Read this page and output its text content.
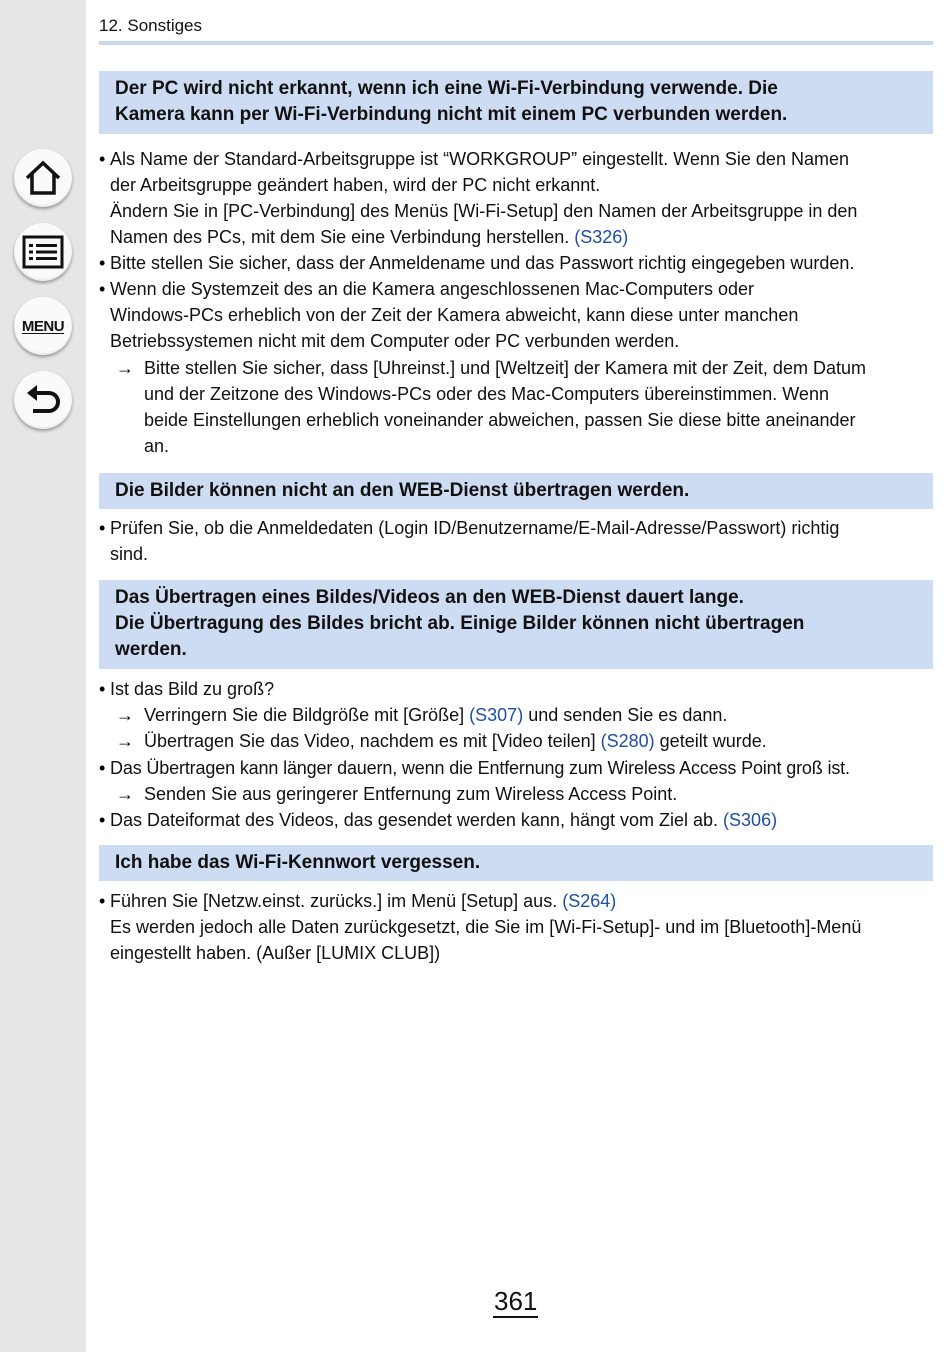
MENU
12. Sonstiges
Der PC wird nicht erkannt, wenn ich eine Wi-Fi-Verbindung verwende. Die
Kamera kann per Wi-Fi-Verbindung nicht mit einem PC verbunden werden.
• Als Name der Standard-Arbeitsgruppe ist “WORKGROUP” eingestellt. Wenn Sie den Namen
der Arbeitsgruppe geändert haben, wird der PC nicht erkannt.
Ändern Sie in [PC-Verbindung] des Menüs [Wi-Fi-Setup] den Namen der Arbeitsgruppe in den
Namen des PCs, mit dem Sie eine Verbindung herstellen. (S326)
• Bitte stellen Sie sicher, dass der Anmeldename und das Passwort richtig eingegeben wurden.
• Wenn die Systemzeit des an die Kamera angeschlossenen Mac-Computers oder
Windows-PCs erheblich von der Zeit der Kamera abweicht, kann diese unter manchen
Betriebssystemen nicht mit dem Computer oder PC verbunden werden.
→ Bitte stellen Sie sicher, dass [Uhreinst.] und [Weltzeit] der Kamera mit der Zeit, dem Datum
und der Zeitzone des Windows-PCs oder des Mac-Computers übereinstimmen. Wenn
beide Einstellungen erheblich voneinander abweichen, passen Sie diese bitte aneinander
an.
Die Bilder können nicht an den WEB-Dienst übertragen werden.
• Prüfen Sie, ob die Anmeldedaten (Login ID/Benutzername/E-Mail-Adresse/Passwort) richtig
sind.
Das Übertragen eines Bildes/Videos an den WEB-Dienst dauert lange.
Die Übertragung des Bildes bricht ab. Einige Bilder können nicht übertragen
werden.
• Ist das Bild zu groß?
→ Verringern Sie die Bildgröße mit [Größe] (S307) und senden Sie es dann.
→ Übertragen Sie das Video, nachdem es mit [Video teilen] (S280) geteilt wurde.
• Das Übertragen kann länger dauern, wenn die Entfernung zum Wireless Access Point groß ist.
→ Senden Sie aus geringerer Entfernung zum Wireless Access Point.
• Das Dateiformat des Videos, das gesendet werden kann, hängt vom Ziel ab. (S306)
Ich habe das Wi-Fi-Kennwort vergessen.
• Führen Sie [Netzw.einst. zurücks.] im Menü [Setup] aus. (S264)
Es werden jedoch alle Daten zurückgesetzt, die Sie im [Wi-Fi-Setup]- und im [Bluetooth]-Menü
eingestellt haben. (Außer [LUMIX CLUB])
361
